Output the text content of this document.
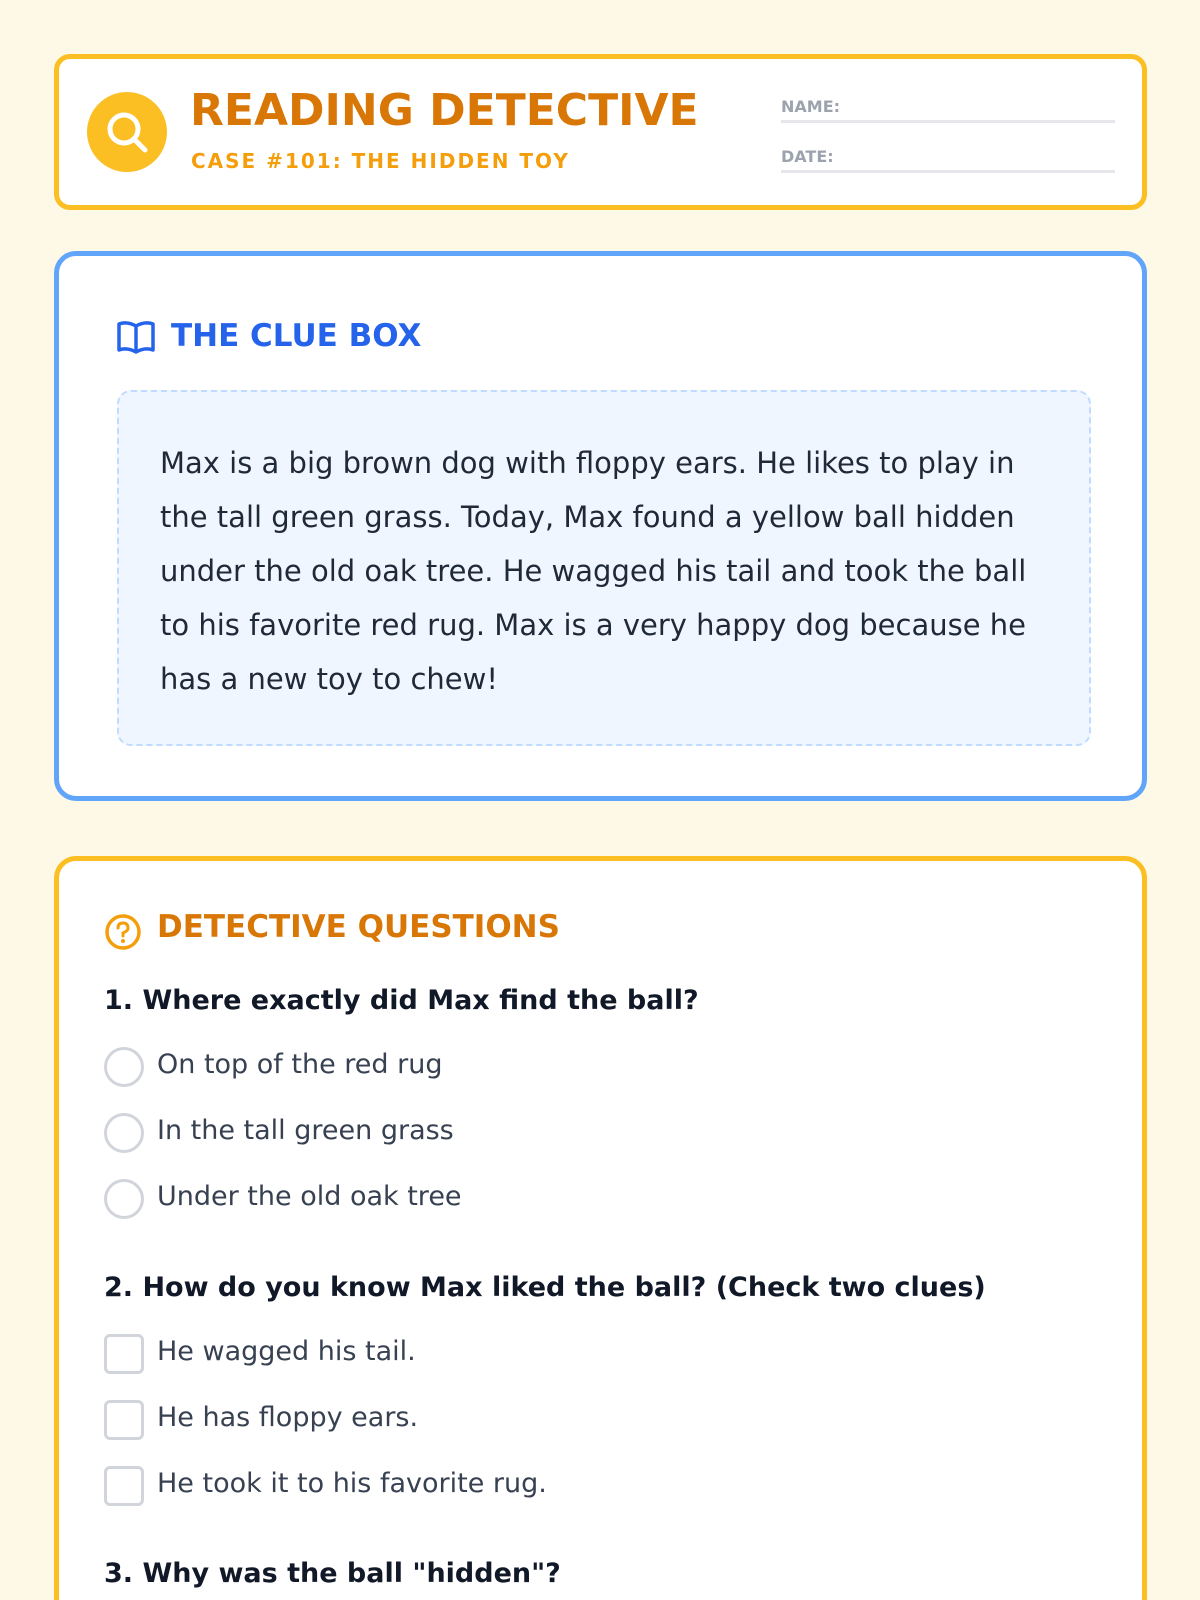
READING DETECTIVE
CASE #101: THE HIDDEN TOY
NAME:
DATE:
THE CLUE BOX
Max is a big brown dog with floppy ears. He likes to play in the tall green grass. Today, Max found a yellow ball hidden under the old oak tree. He wagged his tail and took the ball to his favorite red rug. Max is a very happy dog because he has a new toy to chew!
DETECTIVE QUESTIONS
1. Where exactly did Max find the ball?
On top of the red rug
In the tall green grass
Under the old oak tree
2. How do you know Max liked the ball? (Check two clues)
He wagged his tail.
He has floppy ears.
He took it to his favorite rug.
3. Why was the ball "hidden"?
